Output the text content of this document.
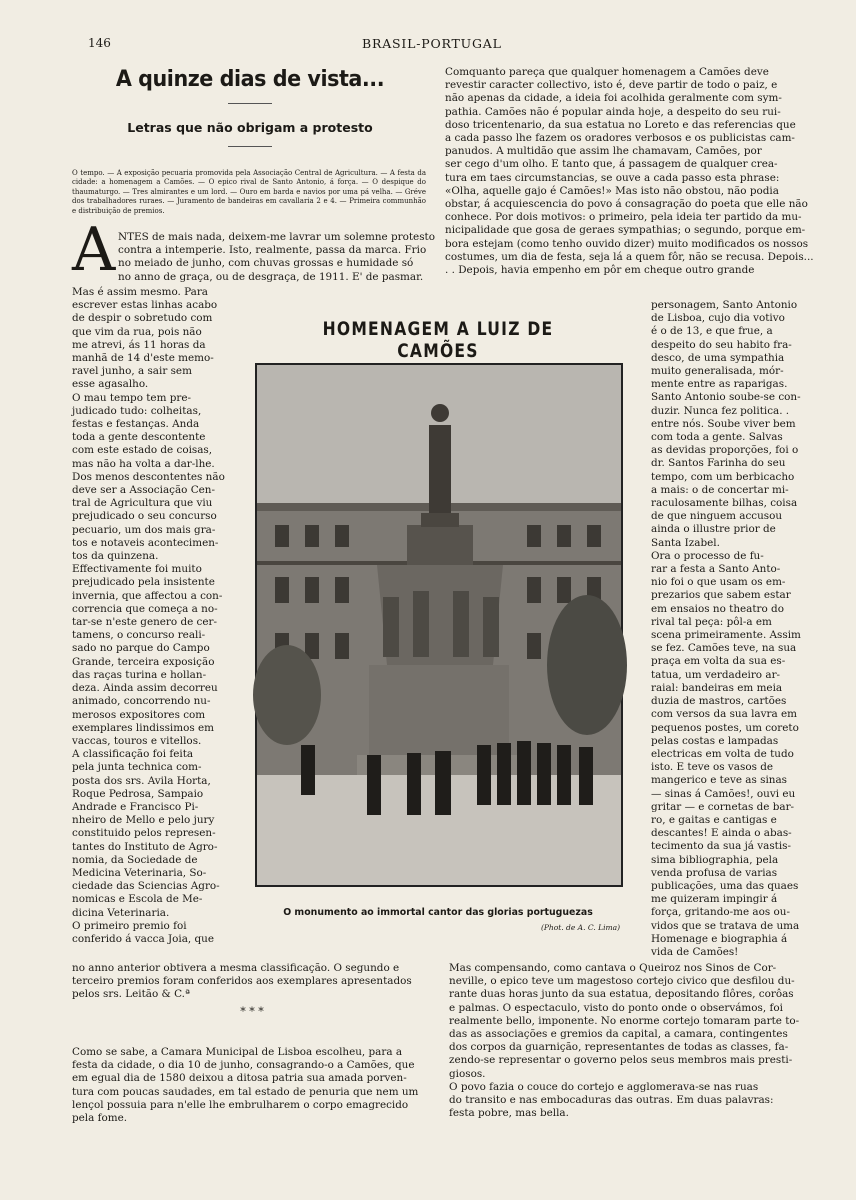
146	BRASIL-PORTUGAL
A quinze dias de vista...
Letras que não obrigam a protesto

O tempo. — A exposição pecuaria promovida pela Associação Central de Agricultura. — A festa da cidade: a homenagem a Camões. — O epico rival de Santo Antonio, á força. — O despique do thaumaturgo. — Tres almirantes e um lord. — Ouro em barda e navios por uma pá velha. — Gréve dos trabalhadores ruraes. — Juramento de bandeiras em cavallaria 2 e 4. — Primeira communhão e distribuição de premios.

A NTES de mais nada, deixem-me lavrar um solemne protesto
contra a intemperie. Isto, realmente, passa da marca. Frio
no meiado de junho, com chuvas grossas e humidade só
no anno de graça, ou de desgraça, de 1911. E' de pasmar.

Mas é assim mesmo. Para
escrever estas linhas acabo
de despir o sobretudo com
que vim da rua, pois não
me atrevi, ás 11 horas da
manhã de 14 d'este memo-
ravel junho, a sair sem
esse agasalho.
O mau tempo tem pre-
judicado tudo: colheitas,
festas e festanças. Anda
toda a gente descontente
com este estado de coisas,
mas não ha volta a dar-lhe.
Dos menos descontentes não
deve ser a Associação Cen-
tral de Agricultura que viu
prejudicado o seu concurso
pecuario, um dos mais gra-
tos e notaveis acontecimen-
tos da quinzena.
Effectivamente foi muito
prejudicado pela insistente
invernia, que affectou a con-
correncia que começa a no-
tar-se n'este genero de cer-
tamens, o concurso reali-
sado no parque do Campo
Grande, terceira exposição
das raças turina e hollan-
deza. Ainda assim decorreu
animado, concorrendo nu-
merosos expositores com
exemplares lindissimos em
vaccas, touros e vitellos.
A classificação foi feita
pela junta technica com-
posta dos srs. Avila Horta,
Roque Pedrosa, Sampaio
Andrade e Francisco Pi-
nheiro de Mello e pelo jury
constituido pelos represen-
tantes do Instituto de Agro-
nomia, da Sociedade de
Medicina Veterinaria, So-
ciedade das Sciencias Agro-
nomicas e Escola de Me-
dicina Veterinaria.
O primeiro premio foi
conferido á vacca Joia, que
no anno anterior obtivera a mesma classificação. O segundo e
terceiro premios foram conferidos aos exemplares apresentados
pelos srs. Leitão & C.ª
* * *
Como se sabe, a Camara Municipal de Lisboa escolheu, para a
festa da cidade, o dia 10 de junho, consagrando-o a Camões, que
em egual dia de 1580 deixou a ditosa patria sua amada porven-
tura com poucas saudades, em tal estado de penuria que nem um
lençol possuia para n'elle lhe embrulharem o corpo emagrecido
pela fome.
Comquanto pareça que qualquer homenagem a Camões deve
revestir caracter collectivo, isto é, deve partir de todo o paiz, e
não apenas da cidade, a ideia foi acolhida geralmente com sym-
pathia. Camões não é popular ainda hoje, a despeito do seu rui-
doso tricentenario, da sua estatua no Loreto e das referencias que
a cada passo lhe fazem os oradores verbosos e os publicistas cam-
panudos. A multidão que assim lhe chamavam, Camões, por
ser cego d'um olho. E tanto que, á passagem de qualquer crea-
tura em taes circumstancias, se ouve a cada passo esta phrase:
«Olha, aquelle gajo é Camões!» Mas isto não obstou, não podia
obstar, á acquiescencia do povo á consagração do poeta que elle não
conhece. Por dois motivos: o primeiro, pela ideia ter partido da mu-
nicipalidade que gosa de geraes sympathias; o segundo, porque em-
bora estejam (como tenho ouvido dizer) muito modificados os nossos
costumes, um dia de festa, seja lá a quem fôr, não se recusa. Depois...
. . Depois, havia empenho em pôr em cheque outro grande
HOMENAGEM A LUIZ DE CAMÕES
O monumento ao immortal cantor das glorias portuguezas
(Phot. de A. C. Lima)
personagem, Santo Antonio
de Lisboa, cujo dia votivo
é o de 13, e que frue, a
despeito do seu habito fra-
desco, de uma sympathia
muito generalisada, mór-
mente entre as raparigas.
Santo Antonio soube-se con-
duzir. Nunca fez politica. .
entre nós. Soube viver bem
com toda a gente. Salvas
as devidas proporções, foi o
dr. Santos Farinha do seu
tempo, com um berbicacho
a mais: o de concertar mi-
raculosamente bilhas, coisa
de que ninguem accusou
ainda o illustre prior de
Santa Izabel.
Ora o processo de fu-
rar a festa a Santo Anto-
nio foi o que usam os em-
prezarios que sabem estar
em ensaios no theatro do
rival tal peça: pôl-a em
scena primeiramente. Assim
se fez. Camões teve, na sua
praça em volta da sua es-
tatua, um verdadeiro ar-
raial: bandeiras em meia
duzia de mastros, cartões
com versos da sua lavra em
pequenos postes, um coreto
pelas costas e lampadas
electricas em volta de tudo
isto. E teve os vasos de
mangerico e teve as sinas
— sinas á Camões!, ouvi eu
gritar — e cornetas de bar-
ro, e gaitas e cantigas e
descantes! E ainda o abas-
tecimento da sua já vastis-
sima bibliographia, pela
venda profusa de varias
publicações, uma das quaes
me quizeram impingir á
força, gritando-me aos ou-
vidos que se tratava de uma
Homenage e biographia á
vida de Camões!
Mas compensando, como cantava o Queiroz nos Sinos de Cor-
neville, o epico teve um magestoso cortejo civico que desfilou du-
rante duas horas junto da sua estatua, depositando flôres, corôas
e palmas. O espectaculo, visto do ponto onde o observámos, foi
realmente bello, imponente. No enorme cortejo tomaram parte to-
das as associações e gremios da capital, a camara, contingentes
dos corpos da guarnição, representantes de todas as classes, fa-
zendo-se representar o governo pelos seus membros mais presti-
giosos.
O povo fazia o couce do cortejo e agglomerava-se nas ruas
do transito e nas embocaduras das outras. Em duas palavras:
festa pobre, mas bella.
